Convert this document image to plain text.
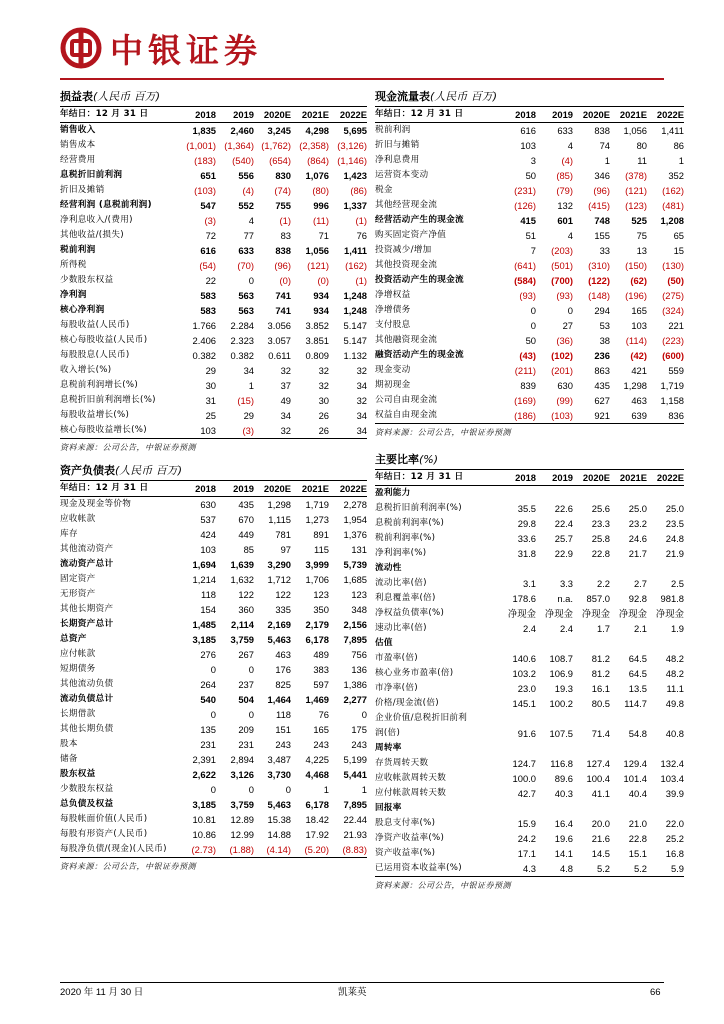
中银证券
损益表(人民币 百万)
年结日：12 月 31 日	2018	2019	2020E	2021E	2022E
销售收入	1,835	2,460	3,245	4,298	5,695
销售成本	(1,001)	(1,364)	(1,762)	(2,358)	(3,126)
经营费用	(183)	(540)	(654)	(864)	(1,146)
息税折旧前利润	651	556	830	1,076	1,423
折旧及摊销	(103)	(4)	(74)	(80)	(86)
经营利润 (息税前利润)	547	552	755	996	1,337
净利息收入/(费用)	(3)	4	(1)	(11)	(1)
其他收益/(损失)	72	77	83	71	76
税前利润	616	633	838	1,056	1,411
所得税	(54)	(70)	(96)	(121)	(162)
少数股东权益	22	0	(0)	(0)	(1)
净利润	583	563	741	934	1,248
核心净利润	583	563	741	934	1,248
每股收益(人民币)	1.766	2.284	3.056	3.852	5.147
核心每股收益(人民币)	2.406	2.323	3.057	3.851	5.147
每股股息(人民币)	0.382	0.382	0.611	0.809	1.132
收入增长(%)	29	34	32	32	32
息税前利润增长(%)	30	1	37	32	34
息税折旧前利润增长(%)	31	(15)	49	30	32
每股收益增长(%)	25	29	34	26	34
核心每股收益增长(%)	103	(3)	32	26	34
资料来源：公司公告，中银证券预测
现金流量表(人民币 百万)
年结日：12 月 31 日	2018	2019	2020E	2021E	2022E
税前利润	616	633	838	1,056	1,411
折旧与摊销	103	4	74	80	86
净利息费用	3	(4)	1	11	1
运营资本变动	50	(85)	346	(378)	352
税金	(231)	(79)	(96)	(121)	(162)
其他经营现金流	(126)	132	(415)	(123)	(481)
经营活动产生的现金流	415	601	748	525	1,208
购买固定资产净值	51	4	155	75	65
投资减少/增加	7	(203)	33	13	15
其他投资现金流	(641)	(501)	(310)	(150)	(130)
投资活动产生的现金流	(584)	(700)	(122)	(62)	(50)
净增权益	(93)	(93)	(148)	(196)	(275)
净增债务	0	0	294	165	(324)
支付股息	0	27	53	103	221
其他融资现金流	50	(36)	38	(114)	(223)
融资活动产生的现金流	(43)	(102)	236	(42)	(600)
现金变动	(211)	(201)	863	421	559
期初现金	839	630	435	1,298	1,719
公司自由现金流	(169)	(99)	627	463	1,158
权益自由现金流	(186)	(103)	921	639	836
资料来源：公司公告，中银证券预测
资产负债表(人民币 百万)
年结日：12 月 31 日	2018	2019	2020E	2021E	2022E
现金及现金等价物	630	435	1,298	1,719	2,278
应收帐款	537	670	1,115	1,273	1,954
库存	424	449	781	891	1,376
其他流动资产	103	85	97	115	131
流动资产总计	1,694	1,639	3,290	3,999	5,739
固定资产	1,214	1,632	1,712	1,706	1,685
无形资产	118	122	122	123	123
其他长期资产	154	360	335	350	348
长期资产总计	1,485	2,114	2,169	2,179	2,156
总资产	3,185	3,759	5,463	6,178	7,895
应付帐款	276	267	463	489	756
短期债务	0	0	176	383	136
其他流动负债	264	237	825	597	1,386
流动负债总计	540	504	1,464	1,469	2,277
长期借款	0	0	118	76	0
其他长期负债	135	209	151	165	175
股本	231	231	243	243	243
储备	2,391	2,894	3,487	4,225	5,199
股东权益	2,622	3,126	3,730	4,468	5,441
少数股东权益	0	0	0	1	1
总负债及权益	3,185	3,759	5,463	6,178	7,895
每股帐面价值(人民币)	10.81	12.89	15.38	18.42	22.44
每股有形资产(人民币)	10.86	12.99	14.88	17.92	21.93
每股净负债/(现金)(人民币)	(2.73)	(1.88)	(4.14)	(5.20)	(8.83)
资料来源：公司公告，中银证券预测
主要比率(%)
年结日：12 月 31 日	2018	2019	2020E	2021E	2022E
盈利能力					
息税折旧前利润率(%)	35.5	22.6	25.6	25.0	25.0
息税前利润率(%)	29.8	22.4	23.3	23.2	23.5
税前利润率(%)	33.6	25.7	25.8	24.6	24.8
净利润率(%)	31.8	22.9	22.8	21.7	21.9
流动性					
流动比率(倍)	3.1	3.3	2.2	2.7	2.5
利息覆盖率(倍)	178.6	n.a.	857.0	92.8	981.8
净权益负债率(%)	净现金	净现金	净现金	净现金	净现金
速动比率(倍)	2.4	2.4	1.7	2.1	1.9
估值					
市盈率(倍)	140.6	108.7	81.2	64.5	48.2
核心业务市盈率(倍)	103.2	106.9	81.2	64.5	48.2
市净率(倍)	23.0	19.3	16.1	13.5	11.1
价格/现金流(倍)	145.1	100.2	80.5	114.7	49.8
企业价值/息税折旧前利					
润(倍)	91.6	107.5	71.4	54.8	40.8
周转率					
存货周转天数	124.7	116.8	127.4	129.4	132.4
应收帐款周转天数	100.0	89.6	100.4	101.4	103.4
应付帐款周转天数	42.7	40.3	41.1	40.4	39.9
回报率					
股息支付率(%)	15.9	16.4	20.0	21.0	22.0
净资产收益率(%)	24.2	19.6	21.6	22.8	25.2
资产收益率(%)	17.1	14.1	14.5	15.1	16.8
已运用资本收益率(%)	4.3	4.8	5.2	5.2	5.9
资料来源：公司公告，中银证券预测
2020 年 11 月 30 日	凯莱英	66
